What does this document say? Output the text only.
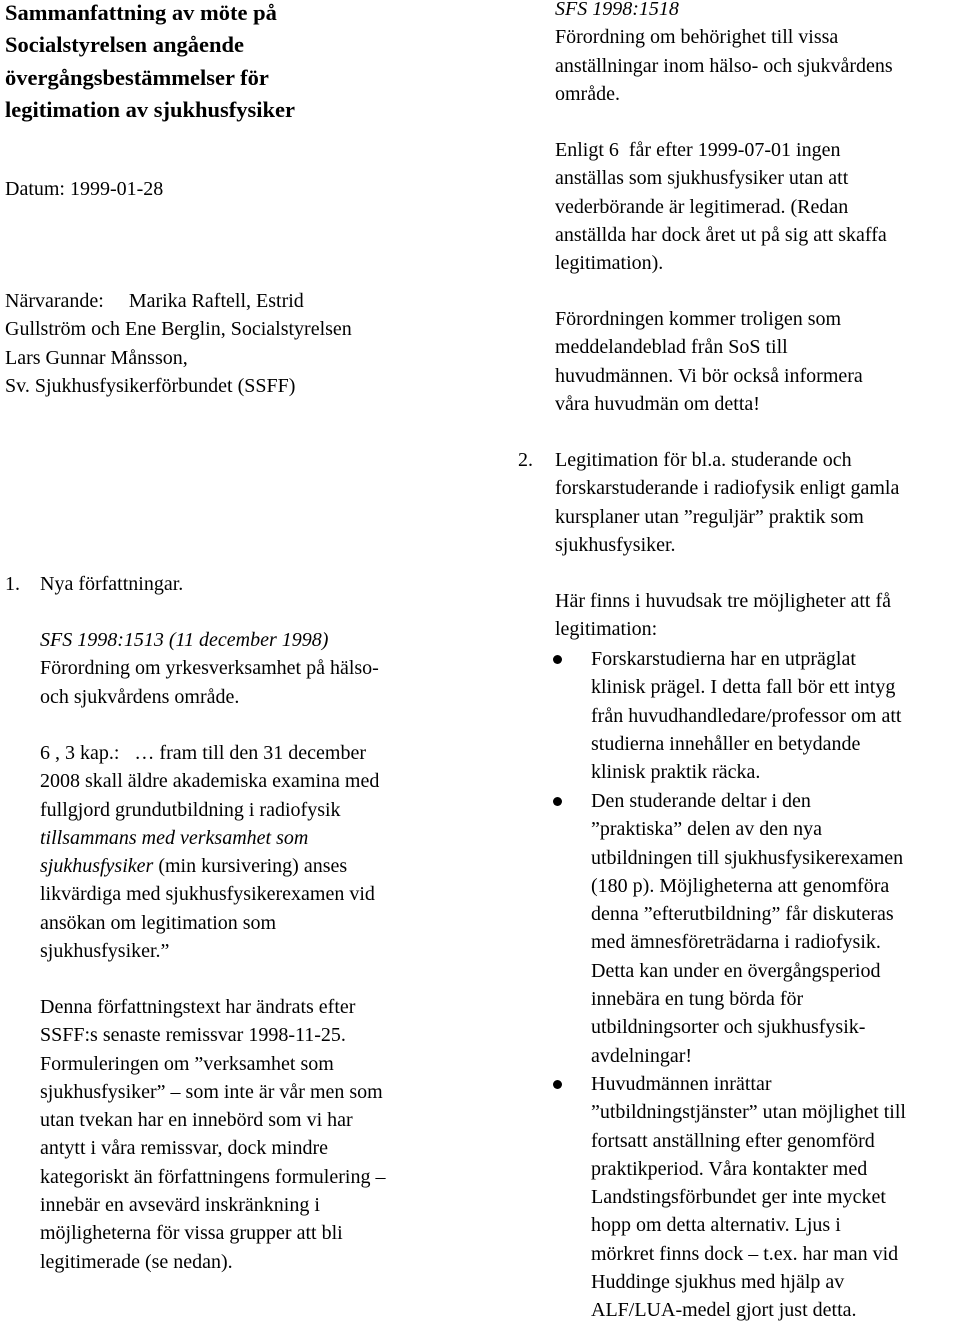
Sammanfattning av möte på
Socialstyrelsen angående
övergångsbestämmelser för
legitimation av sjukhusfysiker
Datum: 1999-01-28
Närvarande:     Marika Raftell, Estrid
Gullström och Ene Berglin, Socialstyrelsen
Lars Gunnar Månsson,
Sv. Sjukhusfysikerförbundet (SSFF)
1. Nya författningar.
SFS 1998:1513 (11 december 1998)
Förordning om yrkesverksamhet på hälso-
och sjukvårdens område.
6 , 3 kap.:   … fram till den 31 december
2008 skall äldre akademiska examina med
fullgjord grundutbildning i radiofysik
tillsammans med verksamhet som
sjukhusfysiker (min kursivering) anses
likvärdiga med sjukhusfysikerexamen vid
ansökan om legitimation som
sjukhusfysiker.”
Denna författningstext har ändrats efter
SSFF:s senaste remissvar 1998-11-25.
Formuleringen om ”verksamhet som
sjukhusfysiker” – som inte är vår men som
utan tvekan har en innebörd som vi har
antytt i våra remissvar, dock mindre
kategoriskt än författningens formulering –
innebär en avsevärd inskränkning i
möjligheterna för vissa grupper att bli
legitimerade (se nedan).
SFS 1998:1518
Förordning om behörighet till vissa
anställningar inom hälso- och sjukvårdens
område.
Enligt 6  får efter 1999-07-01 ingen
anställas som sjukhusfysiker utan att
vederbörande är legitimerad. (Redan
anställda har dock året ut på sig att skaffa
legitimation).
Förordningen kommer troligen som
meddelandeblad från SoS till
huvudmännen. Vi bör också informera
våra huvudmän om detta!
2. Legitimation för bl.a. studerande och
forskarstuderande i radiofysik enligt gamla
kursplaner utan ”reguljär” praktik som
sjukhusfysiker.
Här finns i huvudsak tre möjligheter att få
legitimation:
Forskarstudierna har en utpräglat
klinisk prägel. I detta fall bör ett intyg
från huvudhandledare/professor om att
studierna innehåller en betydande
klinisk praktik räcka.
Den studerande deltar i den
”praktiska” delen av den nya
utbildningen till sjukhusfysikerexamen
(180 p). Möjligheterna att genomföra
denna ”efterutbildning” får diskuteras
med ämnesföreträdarna i radiofysik.
Detta kan under en övergångsperiod
innebära en tung börda för
utbildningsorter och sjukhusfysik-
avdelningar!
Huvudmännen inrättar
”utbildningstjänster” utan möjlighet till
fortsatt anställning efter genomförd
praktikperiod. Våra kontakter med
Landstingsförbundet ger inte mycket
hopp om detta alternativ. Ljus i
mörkret finns dock – t.ex. har man vid
Huddinge sjukhus med hjälp av
ALF/LUA-medel gjort just detta.
